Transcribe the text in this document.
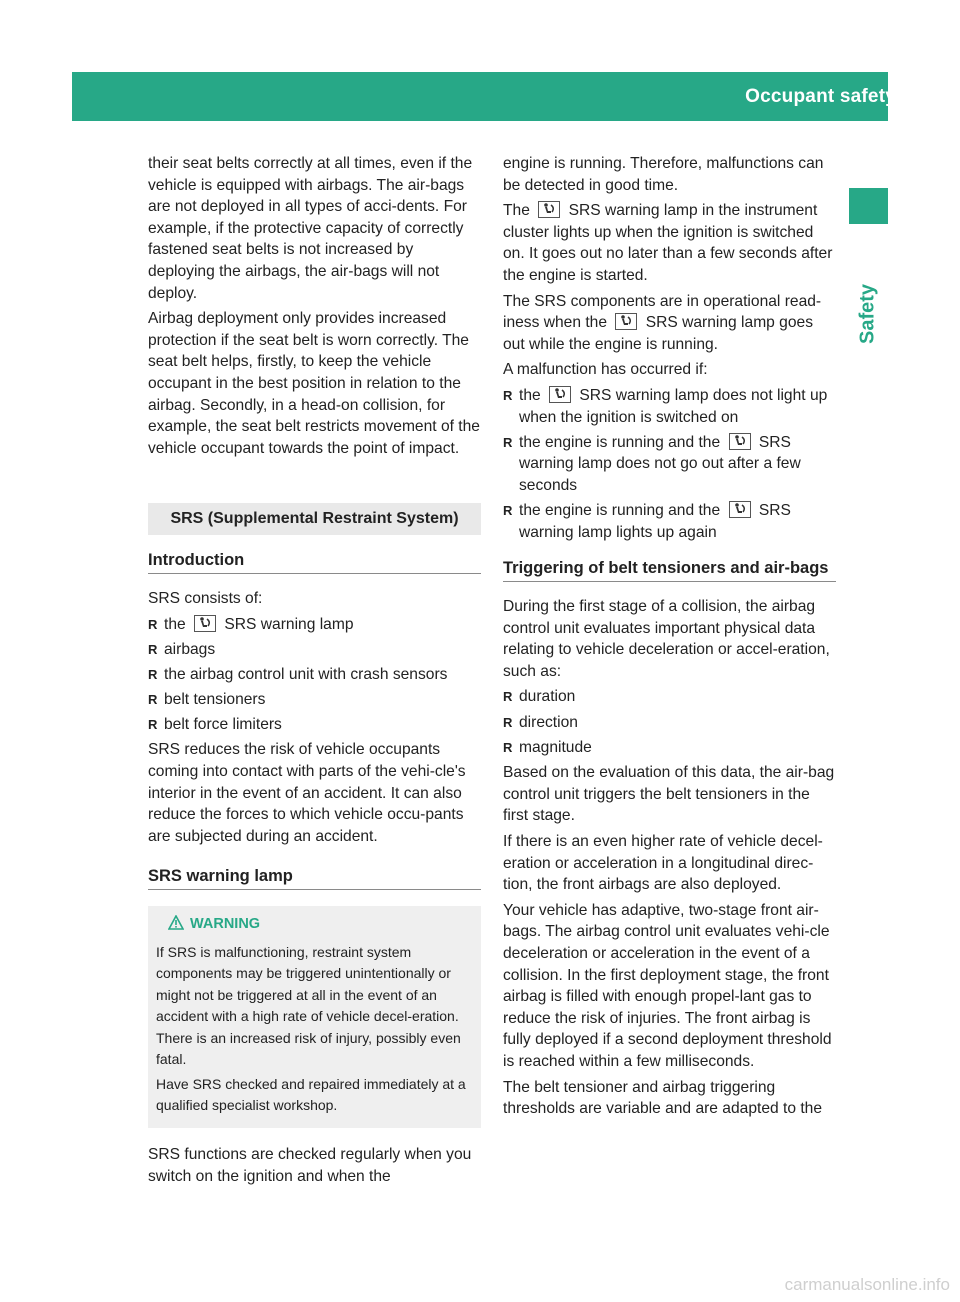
Occupant safety	51
Safety

their seat belts correctly at all times, even if the vehicle is equipped with airbags. The air-bags are not deployed in all types of acci-dents. For example, if the protective capacity of correctly fastened seat belts is not increased by deploying the airbags, the air-bags will not deploy.

Airbag deployment only provides increased protection if the seat belt is worn correctly. The seat belt helps, firstly, to keep the vehicle occupant in the best position in relation to the airbag. Secondly, in a head-on collision, for example, the seat belt restricts movement of the vehicle occupant towards the point of impact.

SRS (Supplemental Restraint System)
Introduction

SRS consists of:

R the SRS warning lamp
R airbags
R the airbag control unit with crash sensors
R belt tensioners
R belt force limiters

SRS reduces the risk of vehicle occupants coming into contact with parts of the vehi-cle's interior in the event of an accident. It can also reduce the forces to which vehicle occu-pants are subjected during an accident.

SRS warning lamp
WARNING

If SRS is malfunctioning, restraint system components may be triggered unintentionally or might not be triggered at all in the event of an accident with a high rate of vehicle decel-eration. There is an increased risk of injury, possibly even fatal.

Have SRS checked and repaired immediately at a qualified specialist workshop.

SRS functions are checked regularly when you switch on the ignition and when the

engine is running. Therefore, malfunctions can be detected in good time.

The SRS warning lamp in the instrument cluster lights up when the ignition is switched on. It goes out no later than a few seconds after the engine is started.

The SRS components are in operational read-iness when the SRS warning lamp goes out while the engine is running.

A malfunction has occurred if:

R the SRS warning lamp does not light up when the ignition is switched on
R the engine is running and the SRS warning lamp does not go out after a few seconds
R the engine is running and the SRS warning lamp lights up again
Triggering of belt tensioners and air-bags

During the first stage of a collision, the airbag control unit evaluates important physical data relating to vehicle deceleration or accel-eration, such as:

R duration
R direction
R magnitude

Based on the evaluation of this data, the air-bag control unit triggers the belt tensioners in the first stage.

If there is an even higher rate of vehicle decel-eration or acceleration in a longitudinal direc-tion, the front airbags are also deployed.

Your vehicle has adaptive, two-stage front air-bags. The airbag control unit evaluates vehi-cle deceleration or acceleration in the event of a collision. In the first deployment stage, the front airbag is filled with enough propel-lant gas to reduce the risk of injuries. The front airbag is fully deployed if a second deployment threshold is reached within a few milliseconds.

The belt tensioner and airbag triggering thresholds are variable and are adapted to the

carmanualsonline.info
